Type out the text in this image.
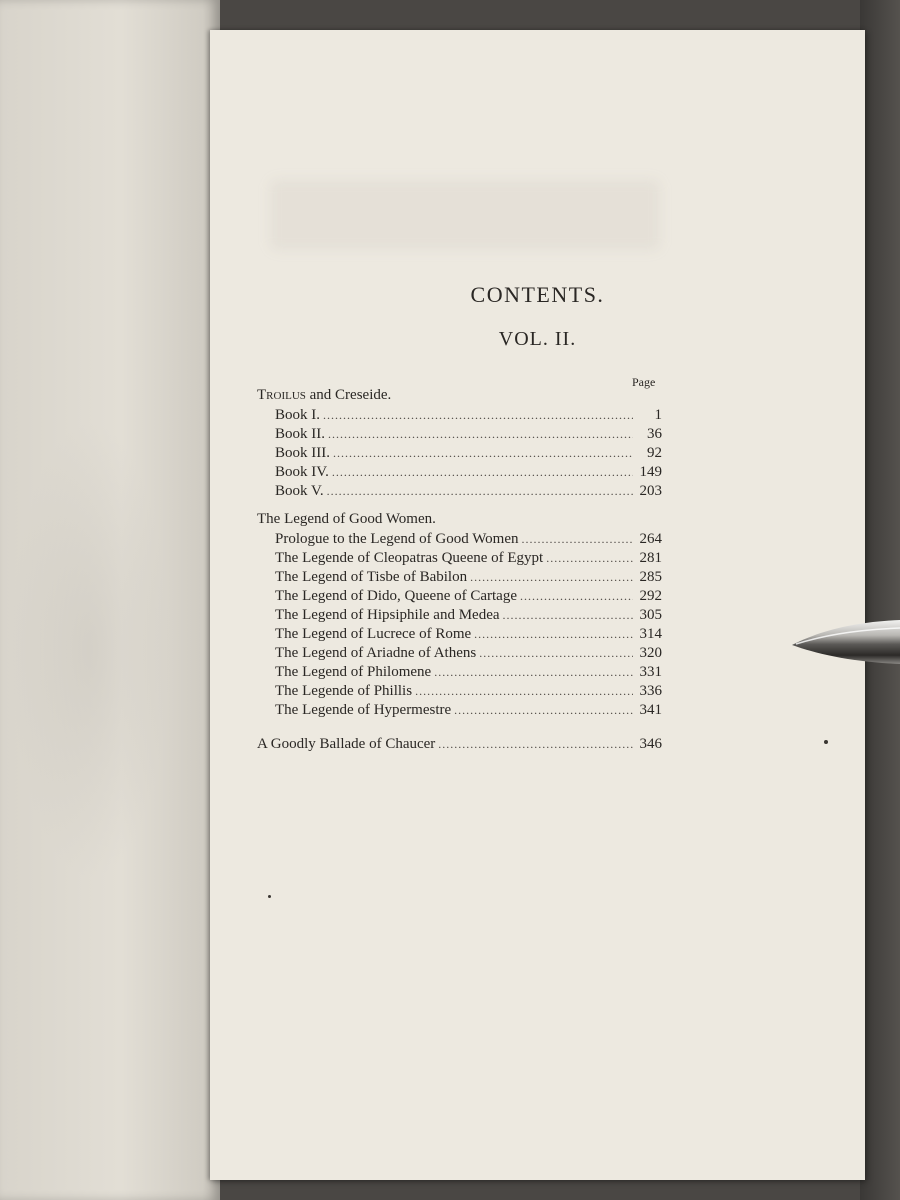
CONTENTS.
VOL. II.
Page
Troilus and Creseide.
Book I. .....	1
Book II. .....	36
Book III. .....	92
Book IV. .....	149
Book V. .....	203
The Legend of Good Women.
Prologue to the Legend of Good Women .....	264
The Legende of Cleopatras Queene of Egypt .....	281
The Legend of Tisbe of Babilon .....	285
The Legend of Dido, Queene of Cartage .....	292
The Legend of Hipsiphile and Medea .....	305
The Legend of Lucrece of Rome .....	314
The Legend of Ariadne of Athens .....	320
The Legend of Philomene .....	331
The Legende of Phillis .....	336
The Legende of Hypermestre .....	341
A Goodly Ballade of Chaucer .....	346
